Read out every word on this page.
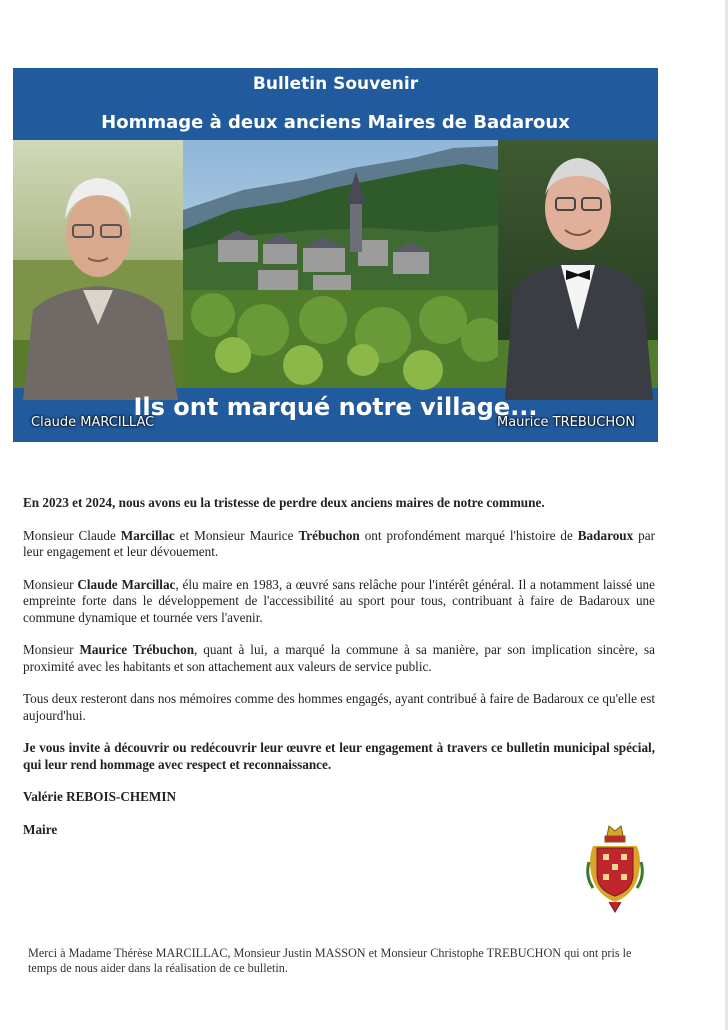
Bulletin Souvenir
Hommage à deux anciens Maires de Badaroux
Claude MARCILLAC	Maurice TREBUCHON
Ils ont marqué notre village...

En 2023 et 2024, nous avons eu la tristesse de perdre deux anciens maires de notre commune.

Monsieur Claude Marcillac et Monsieur Maurice Trébuchon ont profondément marqué l'histoire de Badaroux par leur engagement et leur dévouement.

Monsieur Claude Marcillac, élu maire en 1983, a œuvré sans relâche pour l'intérêt général. Il a notamment laissé une empreinte forte dans le développement de l'accessibilité au sport pour tous, contribuant à faire de Badaroux une commune dynamique et tournée vers l'avenir.

Monsieur Maurice Trébuchon, quant à lui, a marqué la commune à sa manière, par son implication sincère, sa proximité avec les habitants et son attachement aux valeurs de service public.

Tous deux resteront dans nos mémoires comme des hommes engagés, ayant contribué à faire de Badaroux ce qu'elle est aujourd'hui.

Je vous invite à découvrir ou redécouvrir leur œuvre et leur engagement à travers ce bulletin municipal spécial, qui leur rend hommage avec respect et reconnaissance.

Valérie REBOIS-CHEMIN

Maire

Merci à Madame Thérèse MARCILLAC, Monsieur Justin MASSON et Monsieur Christophe TREBUCHON qui ont pris le temps de nous aider dans la réalisation de ce bulletin.
